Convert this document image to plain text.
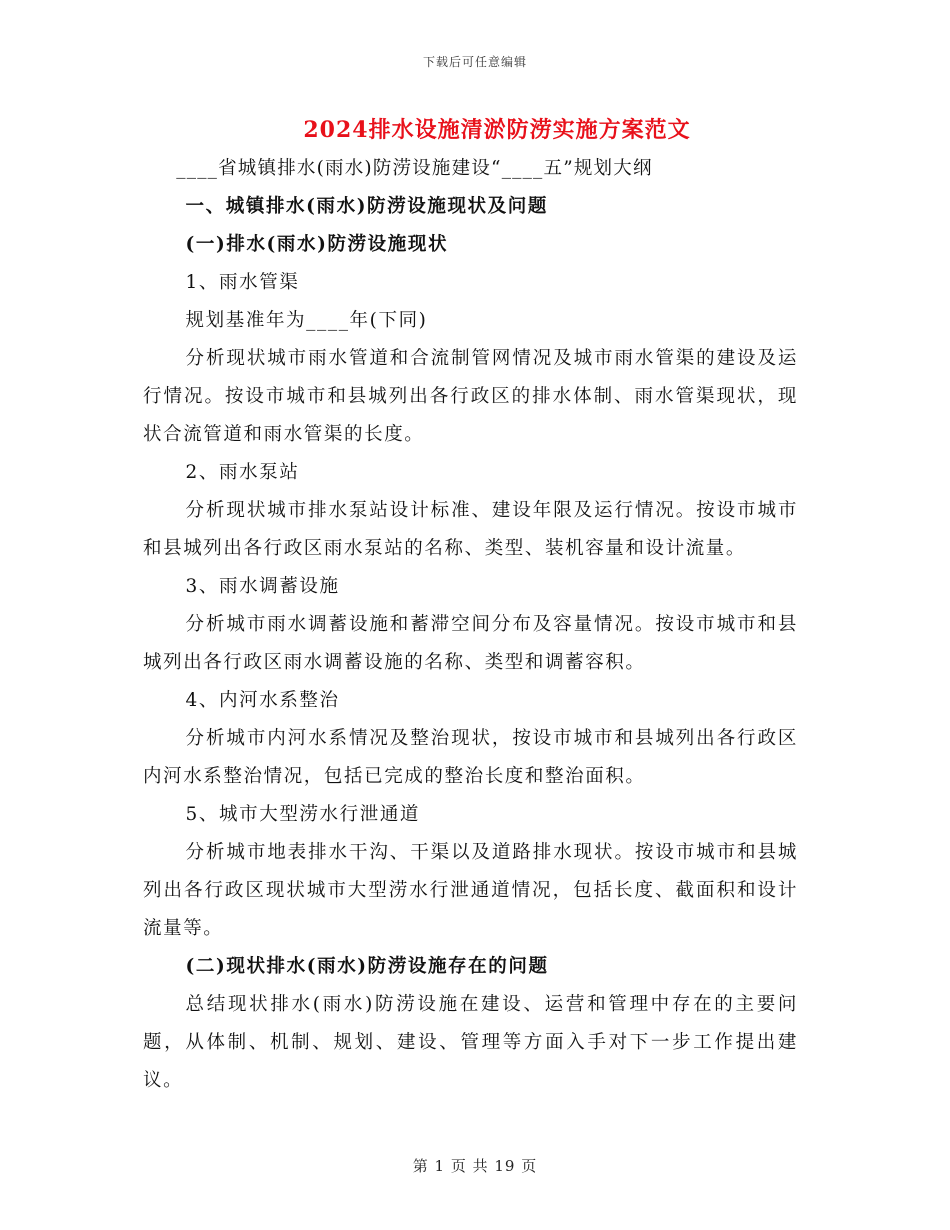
下载后可任意编辑
2024排水设施清淤防涝实施方案范文

____省城镇排水(雨水)防涝设施建设“____五”规划大纲

一、城镇排水(雨水)防涝设施现状及问题

(一)排水(雨水)防涝设施现状

1、雨水管渠

规划基准年为____年(下同)

分析现状城市雨水管道和合流制管网情况及城市雨水管渠的建设及运行情况。按设市城市和县城列出各行政区的排水体制、雨水管渠现状，现状合流管道和雨水管渠的长度。

2、雨水泵站

分析现状城市排水泵站设计标准、建设年限及运行情况。按设市城市和县城列出各行政区雨水泵站的名称、类型、装机容量和设计流量。

3、雨水调蓄设施

分析城市雨水调蓄设施和蓄滞空间分布及容量情况。按设市城市和县城列出各行政区雨水调蓄设施的名称、类型和调蓄容积。

4、内河水系整治

分析城市内河水系情况及整治现状，按设市城市和县城列出各行政区内河水系整治情况，包括已完成的整治长度和整治面积。

5、城市大型涝水行泄通道

分析城市地表排水干沟、干渠以及道路排水现状。按设市城市和县城列出各行政区现状城市大型涝水行泄通道情况，包括长度、截面积和设计流量等。

(二)现状排水(雨水)防涝设施存在的问题

总结现状排水(雨水)防涝设施在建设、运营和管理中存在的主要问题，从体制、机制、规划、建设、管理等方面入手对下一步工作提出建议。

第 1 页 共 19 页
